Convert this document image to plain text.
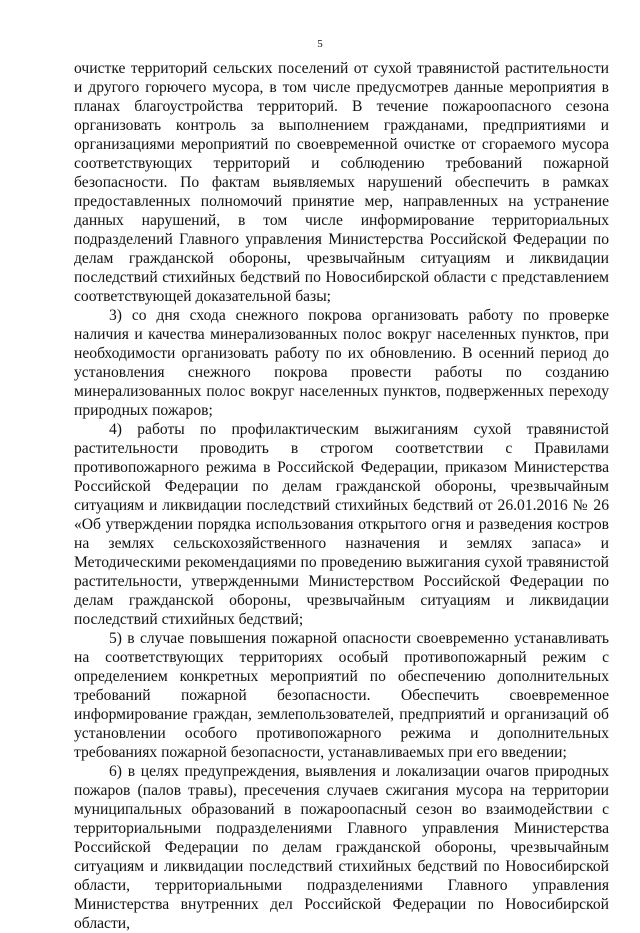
5

очистке территорий сельских поселений от сухой травянистой растительности и другого горючего мусора, в том числе предусмотрев данные мероприятия в планах благоустройства территорий. В течение пожароопасного сезона организовать контроль за выполнением гражданами, предприятиями и организациями мероприятий по своевременной очистке от сгораемого мусора соответствующих территорий и соблюдению требований пожарной безопасности. По фактам выявляемых нарушений обеспечить в рамках предоставленных полномочий принятие мер, направленных на устранение данных нарушений, в том числе информирование территориальных подразделений Главного управления Министерства Российской Федерации по делам гражданской обороны, чрезвычайным ситуациям и ликвидации последствий стихийных бедствий по Новосибирской области с представлением соответствующей доказательной базы;

3) со дня схода снежного покрова организовать работу по проверке наличия и качества минерализованных полос вокруг населенных пунктов, при необходимости организовать работу по их обновлению. В осенний период до установления снежного покрова провести работы по созданию минерализованных полос вокруг населенных пунктов, подверженных переходу природных пожаров;

4) работы по профилактическим выжиганиям сухой травянистой растительности проводить в строгом соответствии с Правилами противопожарного режима в Российской Федерации, приказом Министерства Российской Федерации по делам гражданской обороны, чрезвычайным ситуациям и ликвидации последствий стихийных бедствий от 26.01.2016 № 26 «Об утверждении порядка использования открытого огня и разведения костров на землях сельскохозяйственного назначения и землях запаса» и Методическими рекомендациями по проведению выжигания сухой травянистой растительности, утвержденными Министерством Российской Федерации по делам гражданской обороны, чрезвычайным ситуациям и ликвидации последствий стихийных бедствий;

5) в случае повышения пожарной опасности своевременно устанавливать на соответствующих территориях особый противопожарный режим с определением конкретных мероприятий по обеспечению дополнительных требований пожарной безопасности. Обеспечить своевременное информирование граждан, землепользователей, предприятий и организаций об установлении особого противопожарного режима и дополнительных требованиях пожарной безопасности, устанавливаемых при его введении;

6) в целях предупреждения, выявления и локализации очагов природных пожаров (палов травы), пресечения случаев сжигания мусора на территории муниципальных образований в пожароопасный сезон во взаимодействии с территориальными подразделениями Главного управления Министерства Российской Федерации по делам гражданской обороны, чрезвычайным ситуациям и ликвидации последствий стихийных бедствий по Новосибирской области, территориальными подразделениями Главного управления Министерства внутренних дел Российской Федерации по Новосибирской области,
